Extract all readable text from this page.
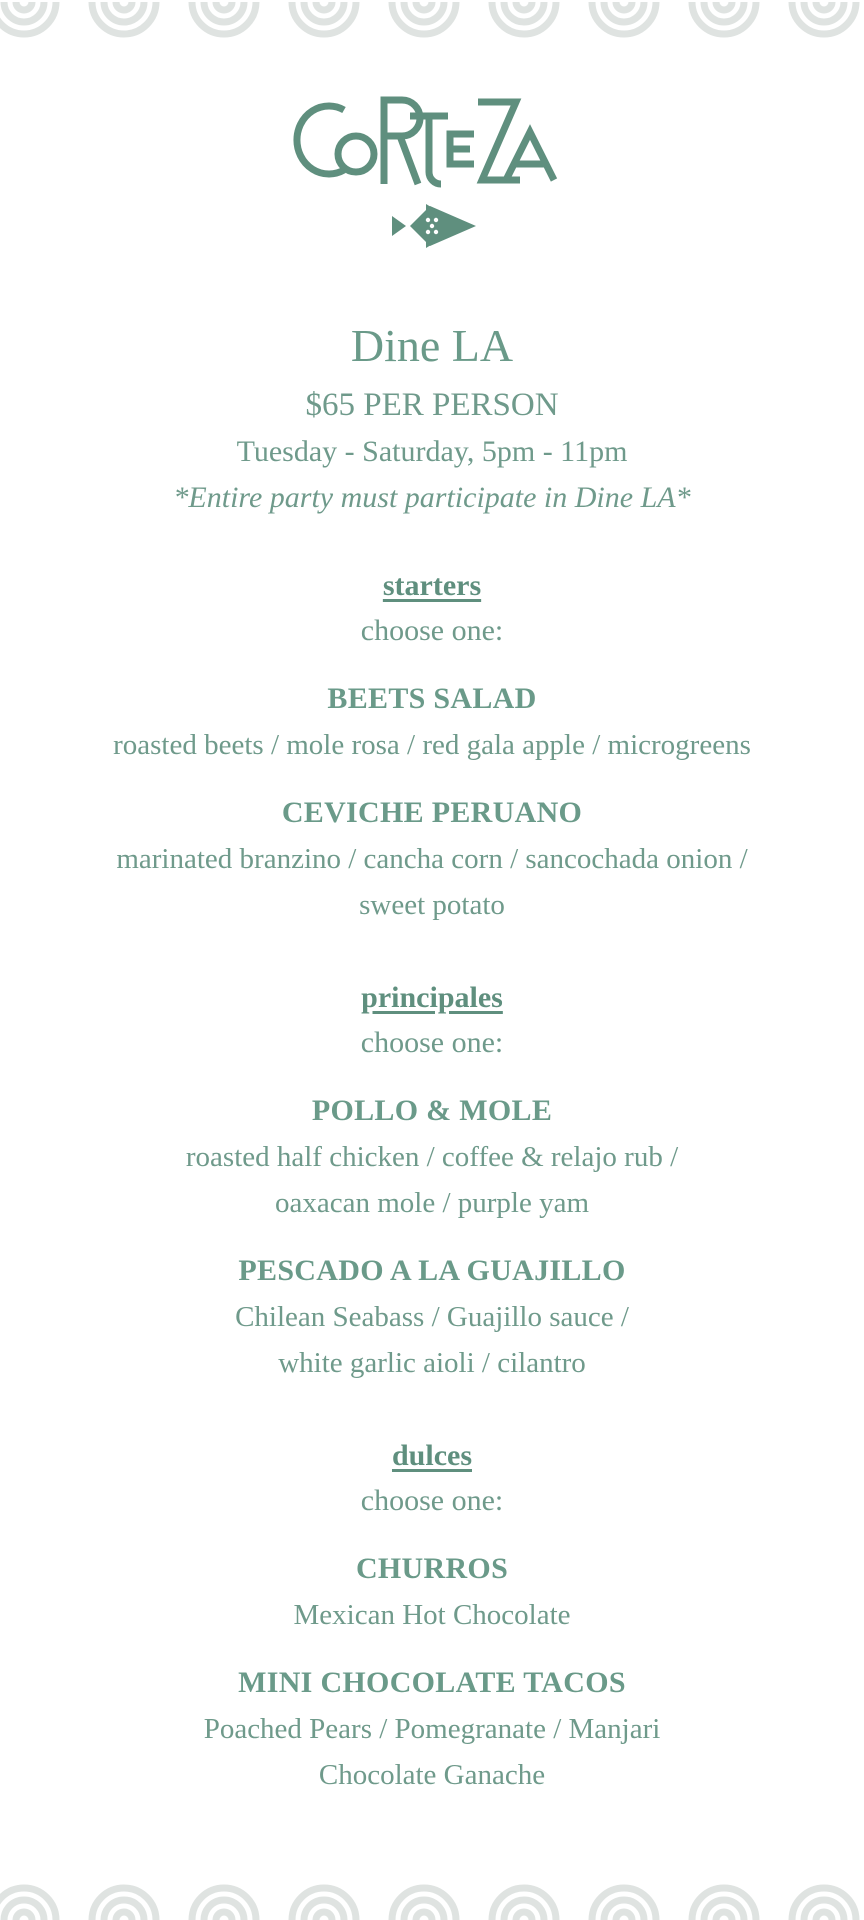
Dine LA
$65 PER PERSON
Tuesday - Saturday, 5pm - 11pm
*Entire party must participate in Dine LA*
starters
choose one:
BEETS SALAD
roasted beets / mole rosa / red gala apple / microgreens
CEVICHE PERUANO
marinated branzino / cancha corn / sancochada onion /
sweet potato
principales
choose one:
POLLO & MOLE
roasted half chicken / coffee & relajo rub /
oaxacan mole / purple yam
PESCADO A LA GUAJILLO
Chilean Seabass / Guajillo sauce /
white garlic aioli / cilantro
dulces
choose one:
CHURROS
Mexican Hot Chocolate
MINI CHOCOLATE TACOS
Poached Pears / Pomegranate / Manjari
Chocolate Ganache
